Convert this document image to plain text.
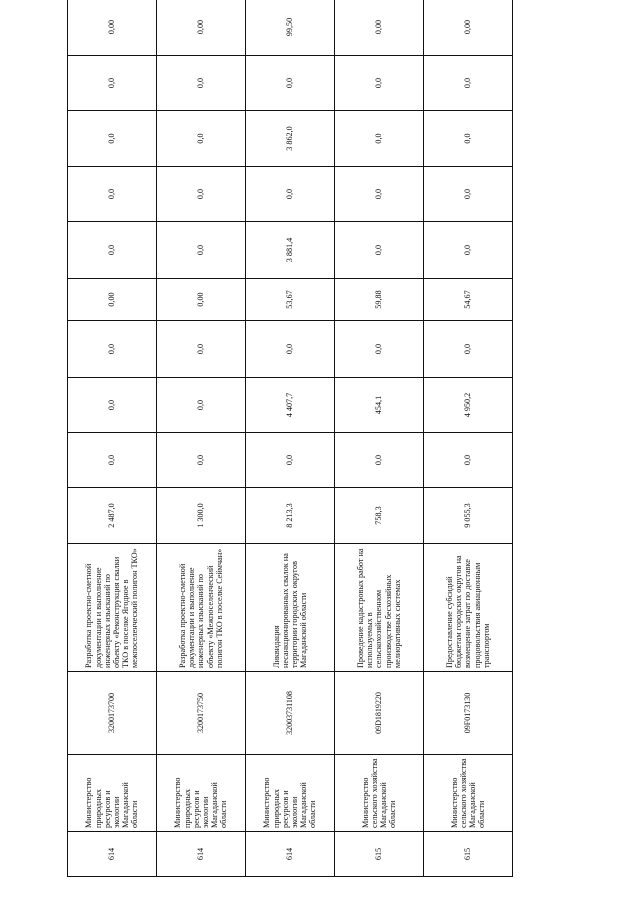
614	Министерство природных ресурсов и экологии Магаданской области	3200173700	Разработка проектно-сметной документации и выполнение инженерных изысканий по объекту «Реконструкция свалки ТКО в поселке Ягодное в межпоселенческий полигон ТКО»	2 487,0	0,0	0,0	0,0	0,00	0,0	0,0	0,0	0,0	0,00
614	Министерство природных ресурсов и экологии Магаданской области	3200173750	Разработка проектно-сметной документации и выполнение инженерных изысканий по объекту «Межпоселенческий полигон ТКО в поселке Сеймчан»	1 300,0	0,0	0,0	0,0	0,00	0,0	0,0	0,0	0,0	0,00
614	Министерство природных ресурсов и экологии Магаданской области	32003731108	Ликвидация несанкционированных свалок на территории городских округов Магаданской области	8 213,3	0,0	4 407,7	0,0	53,67	3 881,4	0,0	3 862,0	0,0	99,50
615	Министерство сельского хозяйства Магаданской области	09D1819220	Проведение кадастровых работ на используемых в сельскохозяйственном производстве бесхозяйных мелиоративных системах	758,3	0,0	454,1	0,0	59,88	0,0	0,0	0,0	0,0	0,00
615	Министерство сельского хозяйства Магаданской области	09F0173130	Предоставление субсидий бюджетам городских округов на возмещение затрат по доставке продовольствия авиационным транспортом	9 055,3	0,0	4 950,2	0,0	54,67	0,0	0,0	0,0	0,0	0,00
